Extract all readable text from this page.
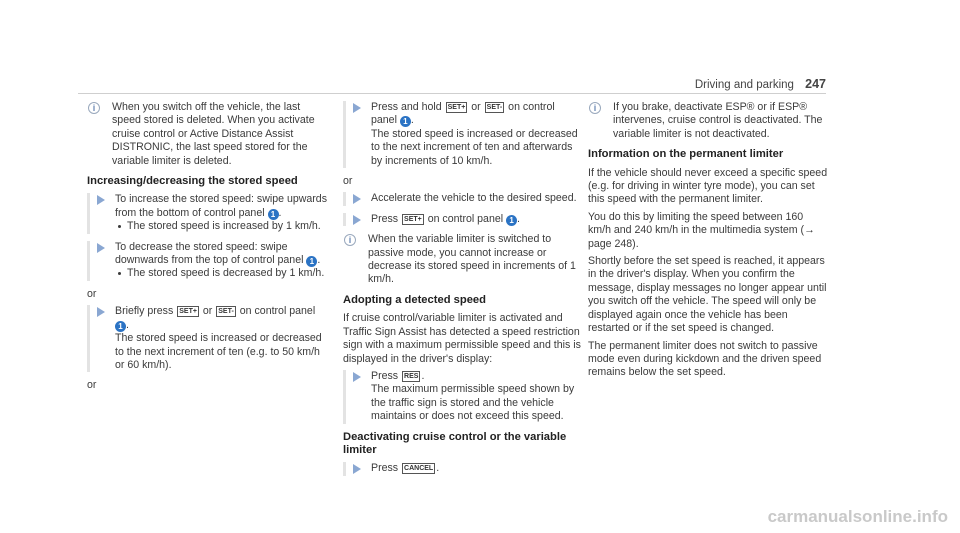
Driving and parking 247
i	When you switch off the vehicle, the last speed stored is deleted. When you activate cruise control or Active Distance Assist DISTRONIC, the last speed stored for the variable limiter is deleted.

Increasing/decreasing the stored speed

To increase the stored speed: swipe upwards from the bottom of control panel 1 .
The stored speed is increased by 1 km/h.

To decrease the stored speed: swipe downwards from the top of control panel 1 .
The stored speed is decreased by 1 km/h.

or

Briefly press SET+ or SET- on control panel 1 .
The stored speed is increased or decreased to the next increment of ten (e.g. to 50 km/h or 60 km/h).

or

Press and hold SET+ or SET- on control panel 1 .
The stored speed is increased or decreased to the next increment of ten and afterwards by increments of 10 km/h.

or

Accelerate the vehicle to the desired speed.

Press SET+ on control panel 1 .

i	When the variable limiter is switched to passive mode, you cannot increase or decrease its stored speed in increments of 1 km/h.

Adopting a detected speed

If cruise control/variable limiter is activated and Traffic Sign Assist has detected a speed restriction sign with a maximum permissible speed and this is displayed in the driver's display:

Press RES .
The maximum permissible speed shown by the traffic sign is stored and the vehicle maintains or does not exceed this speed.

Deactivating cruise control or the variable limiter

Press CANCEL .

i	If you brake, deactivate ESP® or if ESP® intervenes, cruise control is deactivated. The variable limiter is not deactivated.

Information on the permanent limiter

If the vehicle should never exceed a specific speed (e.g. for driving in winter tyre mode), you can set this speed with the permanent limiter.

You do this by limiting the speed between 160 km/h and 240 km/h in the multimedia system (→ page 248).

Shortly before the set speed is reached, it appears in the driver's display. When you confirm the message, display messages no longer appear until you switch off the vehicle. The speed will only be displayed again once the vehicle has been restarted or if the set speed is changed.

The permanent limiter does not switch to passive mode even during kickdown and the driven speed remains below the set speed.

carmanualsonline.info
